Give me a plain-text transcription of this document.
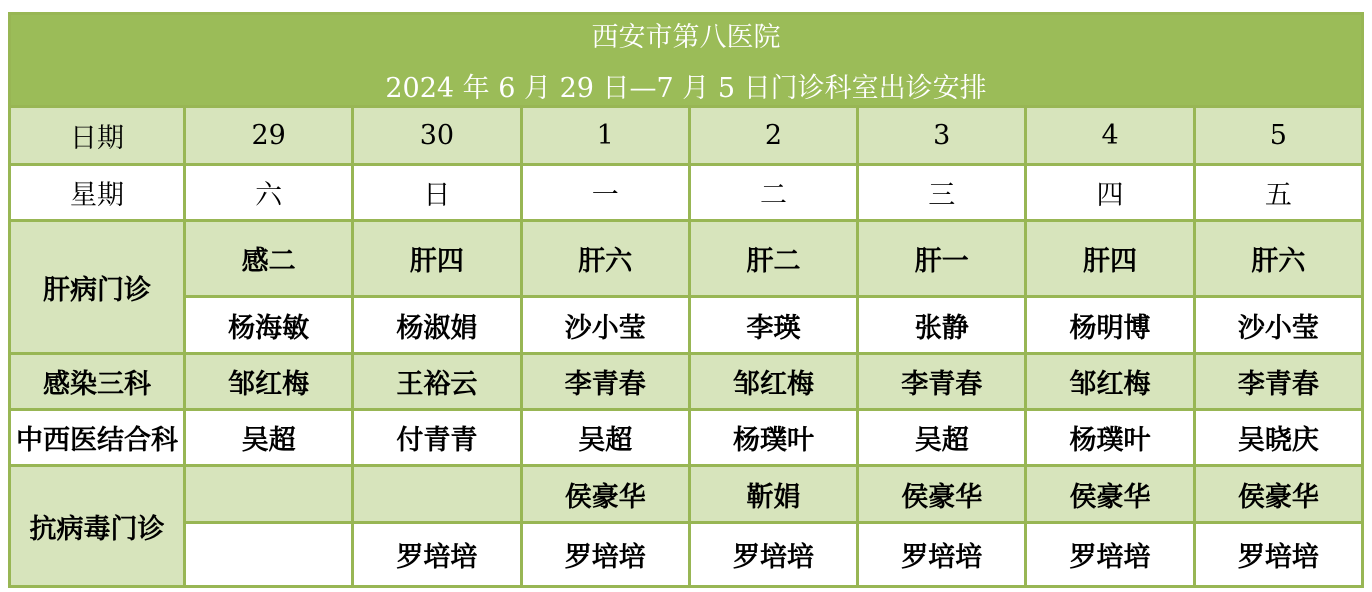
西安市第八医院
2024 年 6 月 29 日—7 月 5 日门诊科室出诊安排							

日期	29	30	1	2	3	4	5
星期	六	日	一	二	三	四	五
肝病门诊	感二	肝四	肝六	肝二	肝一	肝四	肝六
	杨海敏	杨淑娟	沙小莹	李瑛	张静	杨明博	沙小莹
感染三科	邹红梅	王裕云	李青春	邹红梅	李青春	邹红梅	李青春
中西医结合科	吴超	付青青	吴超	杨璞叶	吴超	杨璞叶	吴晓庆
抗病毒门诊			侯豪华	靳娟	侯豪华	侯豪华	侯豪华
		罗培培	罗培培	罗培培	罗培培	罗培培	罗培培
